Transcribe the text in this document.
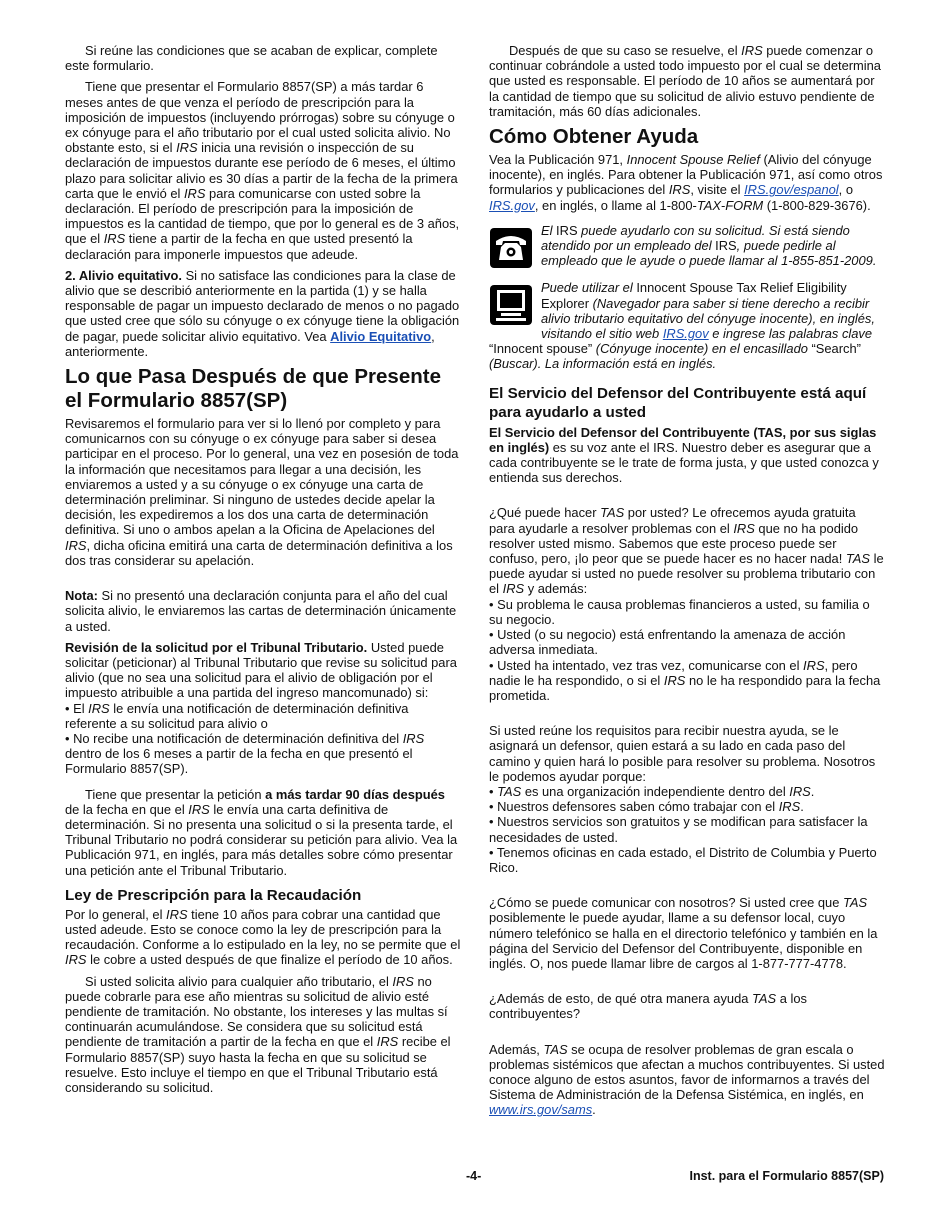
Si reúne las condiciones que se acaban de explicar, complete este formulario.

Tiene que presentar el Formulario 8857(SP) a más tardar 6 meses antes de que venza el período de prescripción para la imposición de impuestos (incluyendo prórrogas) sobre su cónyuge o ex cónyuge para el año tributario por el cual usted solicita alivio. No obstante esto, si el IRS inicia una revisión o inspección de su declaración de impuestos durante ese período de 6 meses, el último plazo para solicitar alivio es 30 días a partir de la fecha de la primera carta que le envió el IRS para comunicarse con usted sobre la declaración. El período de prescripción para la imposición de impuestos es la cantidad de tiempo, que por lo general es de 3 años, que el IRS tiene a partir de la fecha en que usted presentó la declaración para imponerle impuestos que adeude.

2. Alivio equitativo. Si no satisface las condiciones para la clase de alivio que se describió anteriormente en la partida (1) y se halla responsable de pagar un impuesto declarado de menos o no pagado que usted cree que sólo su cónyuge o ex cónyuge tiene la obligación de pagar, puede solicitar alivio equitativo. Vea Alivio Equitativo, anteriormente.

Lo que Pasa Después de que Presente el Formulario 8857(SP)

Revisaremos el formulario para ver si lo llenó por completo y para comunicarnos con su cónyuge o ex cónyuge para saber si desea participar en el proceso. Por lo general, una vez en posesión de toda la información que necesitamos para llegar a una decisión, les enviaremos a usted y a su cónyuge o ex cónyuge una carta de determinación preliminar. Si ninguno de ustedes decide apelar la decisión, les expediremos a los dos una carta de determinación definitiva. Si uno o ambos apelan a la Oficina de Apelaciones del IRS, dicha oficina emitirá una carta de determinación definitiva a los dos tras considerar su apelación.

Nota: Si no presentó una declaración conjunta para el año del cual solicita alivio, le enviaremos las cartas de determinación únicamente a usted.

Revisión de la solicitud por el Tribunal Tributario. Usted puede solicitar (peticionar) al Tribunal Tributario que revise su solicitud para alivio (que no sea una solicitud para el alivio de obligación por el impuesto atribuible a una partida del ingreso mancomunado) si:

• El IRS le envía una notificación de determinación definitiva referente a su solicitud para alivio o

• No recibe una notificación de determinación definitiva del IRS dentro de los 6 meses a partir de la fecha en que presentó el Formulario 8857(SP).

Tiene que presentar la petición a más tardar 90 días después de la fecha en que el IRS le envía una carta definitiva de determinación. Si no presenta una solicitud o si la presenta tarde, el Tribunal Tributario no podrá considerar su petición para alivio. Vea la Publicación 971, en inglés, para más detalles sobre cómo presentar una petición ante el Tribunal Tributario.

Ley de Prescripción para la Recaudación

Por lo general, el IRS tiene 10 años para cobrar una cantidad que usted adeude. Esto se conoce como la ley de prescripción para la recaudación. Conforme a lo estipulado en la ley, no se permite que el IRS le cobre a usted después de que finalize el período de 10 años.

Si usted solicita alivio para cualquier año tributario, el IRS no puede cobrarle para ese año mientras su solicitud de alivio esté pendiente de tramitación. No obstante, los intereses y las multas sí continuarán acumulándose. Se considera que su solicitud está pendiente de tramitación a partir de la fecha en que el IRS recibe el Formulario 8857(SP) suyo hasta la fecha en que su solicitud se resuelve. Esto incluye el tiempo en que el Tribunal Tributario está considerando su solicitud.

Después de que su caso se resuelve, el IRS puede comenzar o continuar cobrándole a usted todo impuesto por el cual se determina que usted es responsable. El período de 10 años se aumentará por la cantidad de tiempo que su solicitud de alivio estuvo pendiente de tramitación, más 60 días adicionales.

Cómo Obtener Ayuda

Vea la Publicación 971, Innocent Spouse Relief (Alivio del cónyuge inocente), en inglés. Para obtener la Publicación 971, así como otros formularios y publicaciones del IRS, visite el IRS.gov/espanol, o IRS.gov, en inglés, o llame al 1-800-TAX-FORM (1-800-829-3676).

El IRS puede ayudarlo con su solicitud. Si está siendo atendido por un empleado del IRS, puede pedirle al empleado que le ayude o puede llamar al 1-855-851-2009.
Puede utilizar el Innocent Spouse Tax Relief Eligibility Explorer (Navegador para saber si tiene derecho a recibir alivio tributario equitativo del cónyuge inocente), en inglés, visitando el sitio web IRS.gov e ingrese las palabras clave “Innocent spouse” (Cónyuge inocente) en el encasillado “Search” (Buscar). La información está en inglés.
El Servicio del Defensor del Contribuyente está aquí para ayudarlo a usted

El Servicio del Defensor del Contribuyente (TAS, por sus siglas en inglés) es su voz ante el IRS. Nuestro deber es asegurar que a cada contribuyente se le trate de forma justa, y que usted conozca y entienda sus derechos.

¿Qué puede hacer TAS por usted? Le ofrecemos ayuda gratuita para ayudarle a resolver problemas con el IRS que no ha podido resolver usted mismo. Sabemos que este proceso puede ser confuso, pero, ¡lo peor que se puede hacer es no hacer nada! TAS le puede ayudar si usted no puede resolver su problema tributario con el IRS y además:

• Su problema le causa problemas financieros a usted, su familia o su negocio.

• Usted (o su negocio) está enfrentando la amenaza de acción adversa inmediata.

• Usted ha intentado, vez tras vez, comunicarse con el IRS, pero nadie le ha respondido, o si el IRS no le ha respondido para la fecha prometida.

Si usted reúne los requisitos para recibir nuestra ayuda, se le asignará un defensor, quien estará a su lado en cada paso del camino y quien hará lo posible para resolver su problema. Nosotros le podemos ayudar porque:

• TAS es una organización independiente dentro del IRS.

• Nuestros defensores saben cómo trabajar con el IRS.

• Nuestros servicios son gratuitos y se modifican para satisfacer la necesidades de usted.

• Tenemos oficinas en cada estado, el Distrito de Columbia y Puerto Rico.

¿Cómo se puede comunicar con nosotros? Si usted cree que TAS posiblemente le puede ayudar, llame a su defensor local, cuyo número telefónico se halla en el directorio telefónico y también en la página del Servicio del Defensor del Contribuyente, disponible en inglés. O, nos puede llamar libre de cargos al 1-877-777-4778.

¿Además de esto, de qué otra manera ayuda TAS a los contribuyentes?

Además, TAS se ocupa de resolver problemas de gran escala o problemas sistémicos que afectan a muchos contribuyentes. Si usted conoce alguno de estos asuntos, favor de informarnos a través del Sistema de Administración de la Defensa Sistémica, en inglés, en www.irs.gov/sams.

-4-	Inst. para el Formulario 8857(SP)
